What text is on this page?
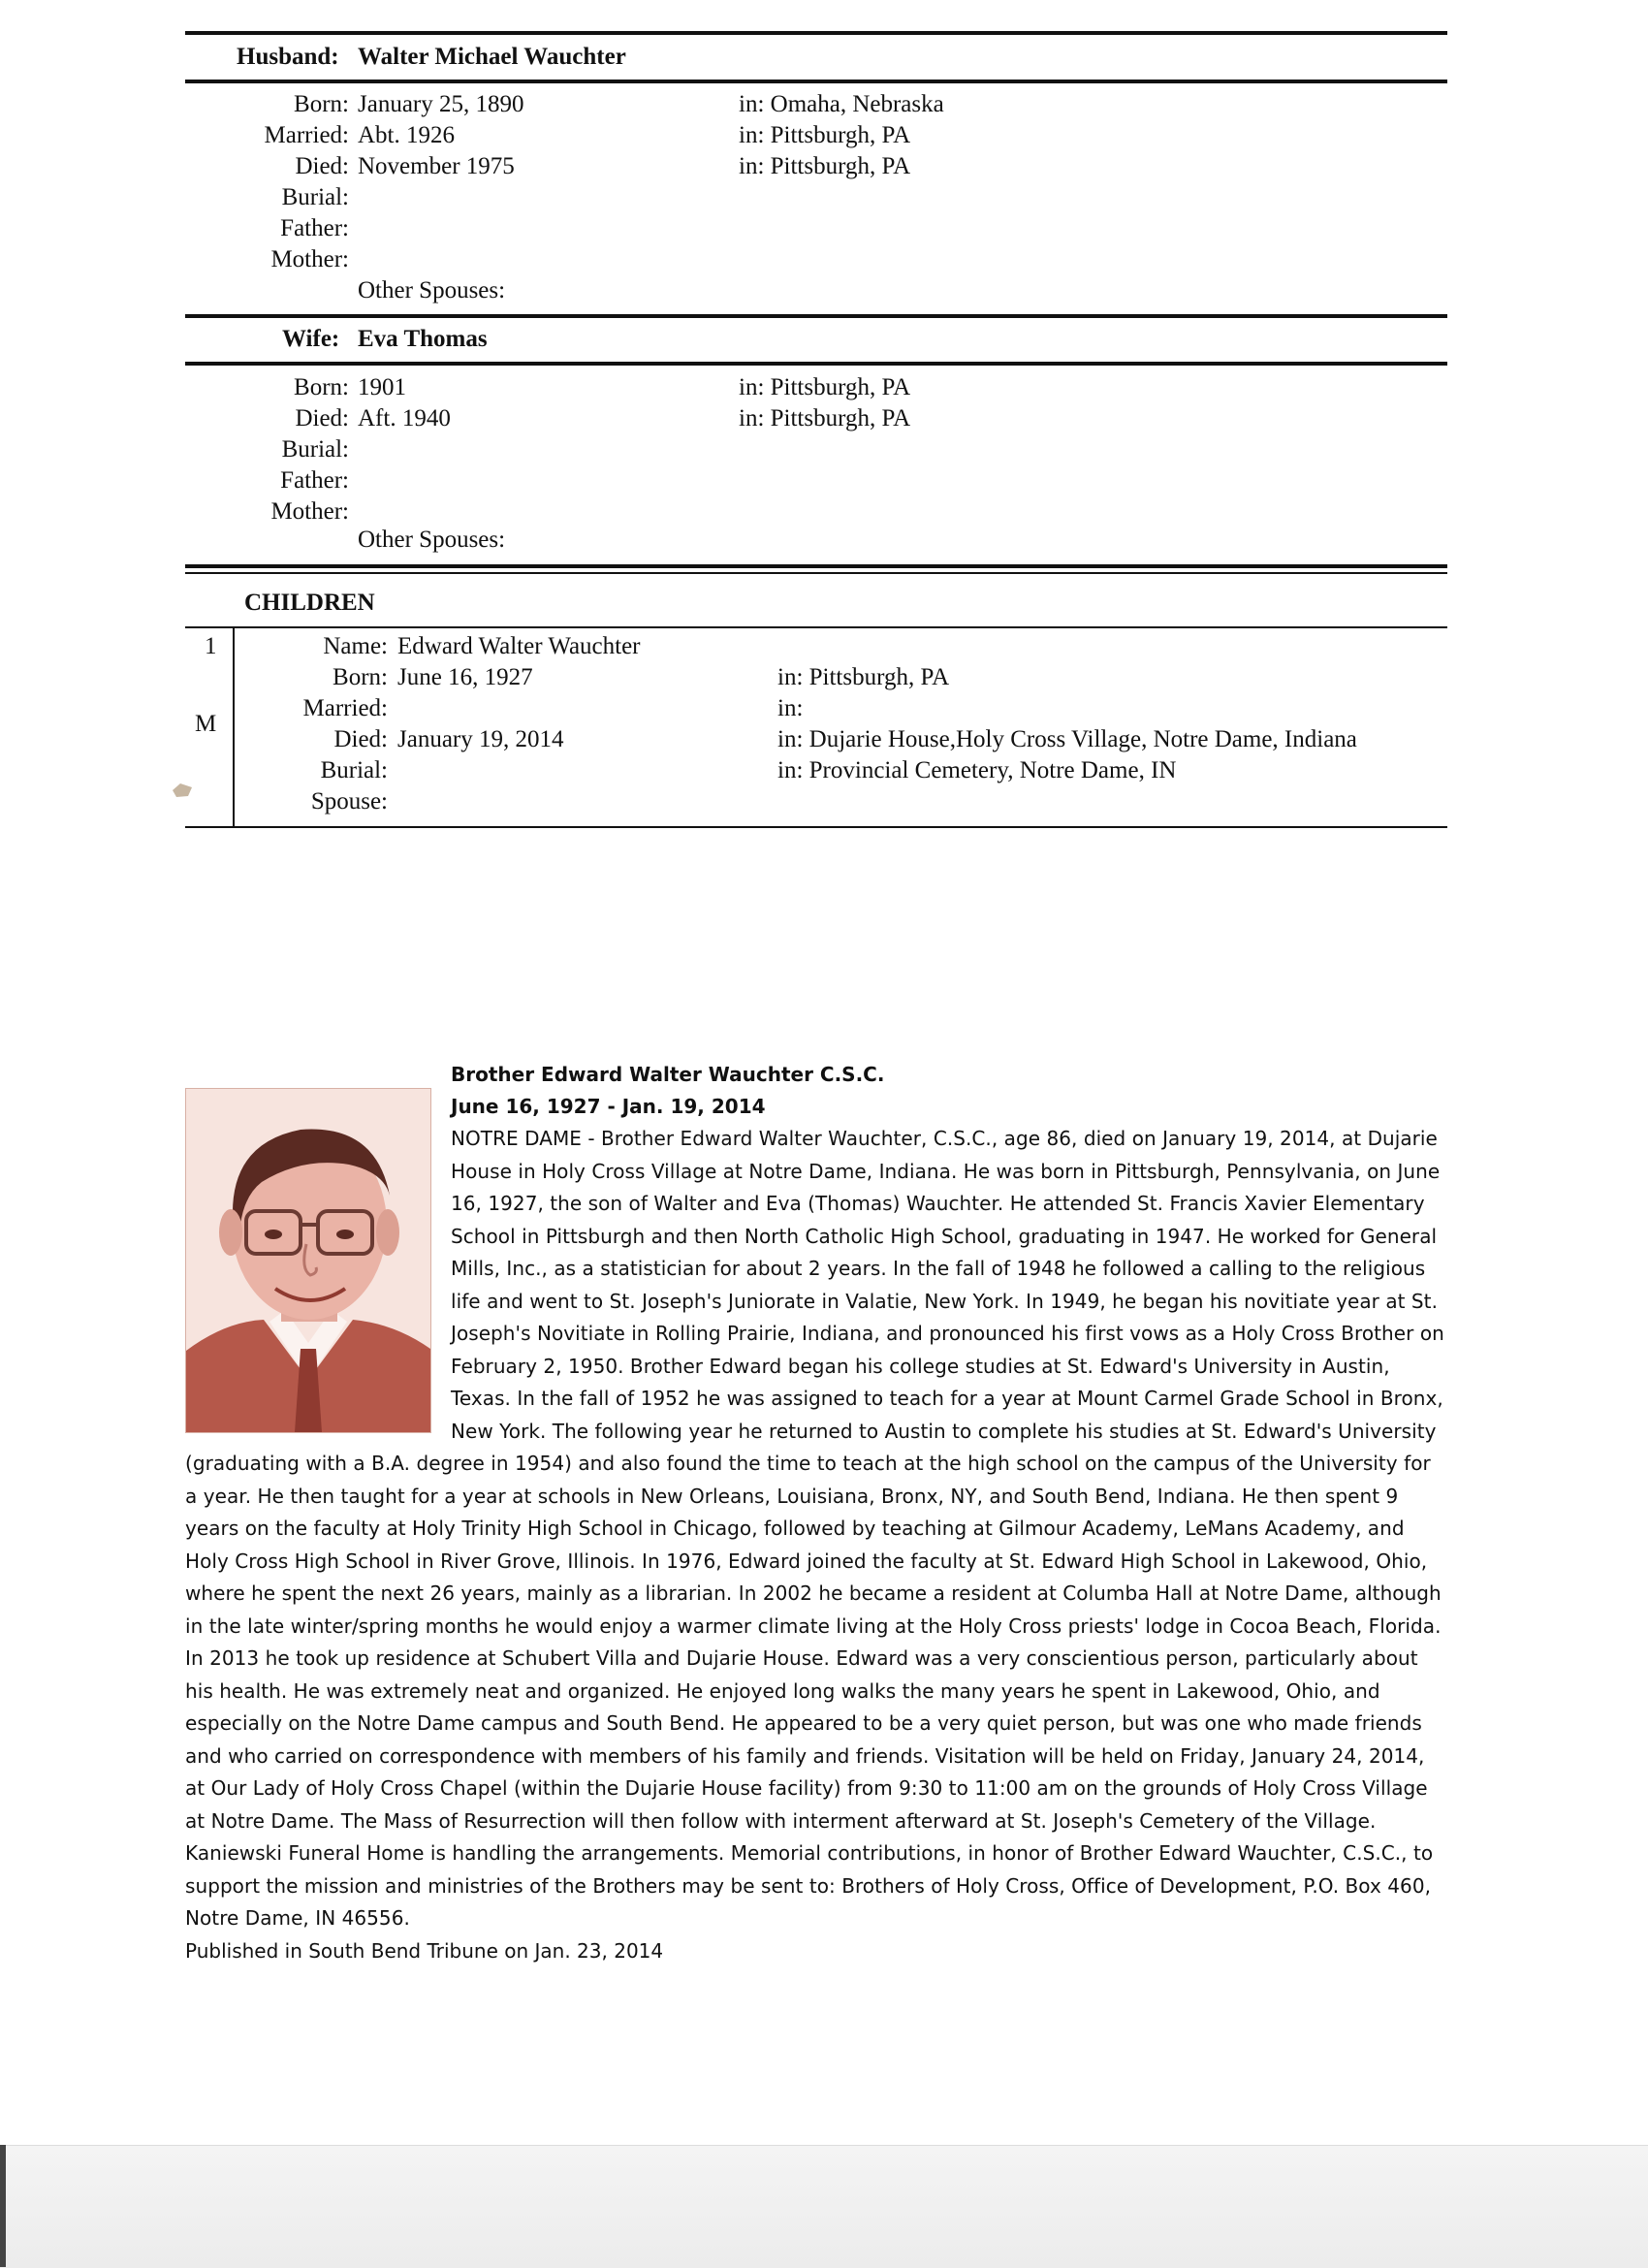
Husband: Walter Michael Wauchter
Born: January 25, 1890	in: Omaha, Nebraska
Married: Abt. 1926	in: Pittsburgh, PA
Died: November 1975	in: Pittsburgh, PA
Burial:
Father:
Mother:
Other Spouses:
Wife: Eva Thomas
Born: 1901	in: Pittsburgh, PA
Died: Aft. 1940	in: Pittsburgh, PA
Burial:
Father:
Mother:
Other Spouses:
CHILDREN
1
M
Name: Edward Walter Wauchter
Born: June 16, 1927	in: Pittsburgh, PA
Married:	in:
Died: January 19, 2014	in: Dujarie House,Holy Cross Village, Notre Dame, Indiana
Burial:	in: Provincial Cemetery, Notre Dame, IN
Spouse:
Brother Edward Walter Wauchter C.S.C.
June 16, 1927 - Jan. 19, 2014
NOTRE DAME - Brother Edward Walter Wauchter, C.S.C., age 86, died on January 19, 2014, at Dujarie House in Holy Cross Village at Notre Dame, Indiana. He was born in Pittsburgh, Pennsylvania, on June 16, 1927, the son of Walter and Eva (Thomas) Wauchter. He attended St. Francis Xavier Elementary School in Pittsburgh and then North Catholic High School, graduating in 1947. He worked for General Mills, Inc., as a statistician for about 2 years. In the fall of 1948 he followed a calling to the religious life and went to St. Joseph's Juniorate in Valatie, New York. In 1949, he began his novitiate year at St. Joseph's Novitiate in Rolling Prairie, Indiana, and pronounced his first vows as a Holy Cross Brother on February 2, 1950. Brother Edward began his college studies at St. Edward's University in Austin, Texas. In the fall of 1952 he was assigned to teach for a year at Mount Carmel Grade School in Bronx, New York. The following year he returned to Austin to complete his studies at St. Edward's University (graduating with a B.A. degree in 1954) and also found the time to teach at the high school on the campus of the University for a year. He then taught for a year at schools in New Orleans, Louisiana, Bronx, NY, and South Bend, Indiana. He then spent 9 years on the faculty at Holy Trinity High School in Chicago, followed by teaching at Gilmour Academy, LeMans Academy, and Holy Cross High School in River Grove, Illinois. In 1976, Edward joined the faculty at St. Edward High School in Lakewood, Ohio, where he spent the next 26 years, mainly as a librarian. In 2002 he became a resident at Columba Hall at Notre Dame, although in the late winter/spring months he would enjoy a warmer climate living at the Holy Cross priests' lodge in Cocoa Beach, Florida. In 2013 he took up residence at Schubert Villa and Dujarie House. Edward was a very conscientious person, particularly about his health. He was extremely neat and organized. He enjoyed long walks the many years he spent in Lakewood, Ohio, and especially on the Notre Dame campus and South Bend. He appeared to be a very quiet person, but was one who made friends and who carried on correspondence with members of his family and friends. Visitation will be held on Friday, January 24, 2014, at Our Lady of Holy Cross Chapel (within the Dujarie House facility) from 9:30 to 11:00 am on the grounds of Holy Cross Village at Notre Dame. The Mass of Resurrection will then follow with interment afterward at St. Joseph's Cemetery of the Village. Kaniewski Funeral Home is handling the arrangements. Memorial contributions, in honor of Brother Edward Wauchter, C.S.C., to support the mission and ministries of the Brothers may be sent to: Brothers of Holy Cross, Office of Development, P.O. Box 460, Notre Dame, IN 46556.
Published in South Bend Tribune on Jan. 23, 2014
